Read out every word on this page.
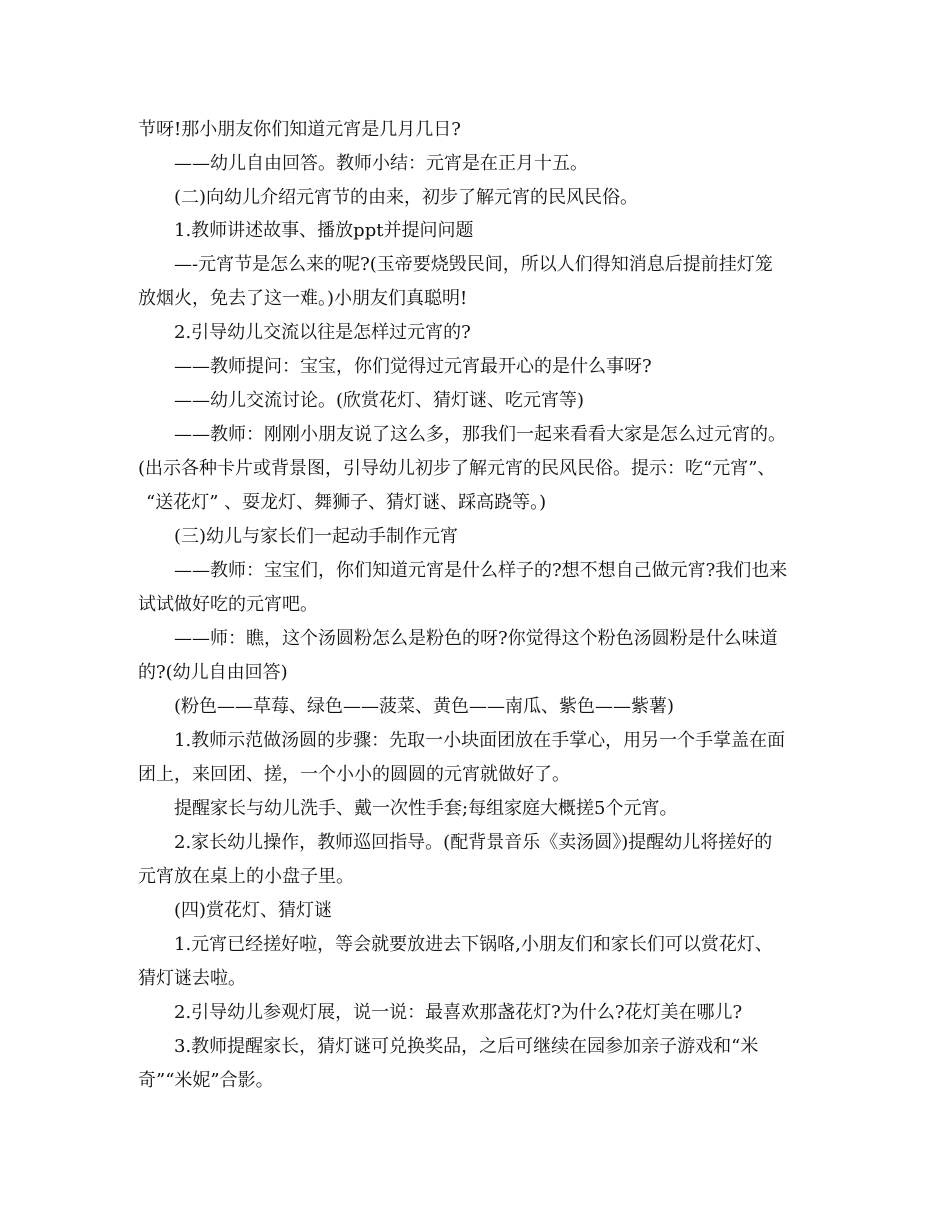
节呀!那小朋友你们知道元宵是几月几日?
——幼儿自由回答。教师小结：元宵是在正月十五。
(二)向幼儿介绍元宵节的由来，初步了解元宵的民风民俗。
1.教师讲述故事、播放ppt并提问问题
—-元宵节是怎么来的呢?(玉帝要烧毁民间，所以人们得知消息后提前挂灯笼
放烟火，免去了这一难。)小朋友们真聪明!
2.引导幼儿交流以往是怎样过元宵的?
——教师提问：宝宝，你们觉得过元宵最开心的是什么事呀?
——幼儿交流讨论。(欣赏花灯、猜灯谜、吃元宵等)
——教师：刚刚小朋友说了这么多，那我们一起来看看大家是怎么过元宵的。
(出示各种卡片或背景图，引导幼儿初步了解元宵的民风民俗。提示：吃“元宵”、
“送花灯” 、耍龙灯、舞狮子、猜灯谜、踩高跷等。)
(三)幼儿与家长们一起动手制作元宵
——教师：宝宝们，你们知道元宵是什么样子的?想不想自己做元宵?我们也来
试试做好吃的元宵吧。
——师：瞧，这个汤圆粉怎么是粉色的呀?你觉得这个粉色汤圆粉是什么味道
的?(幼儿自由回答)
(粉色——草莓、绿色——菠菜、黄色——南瓜、紫色——紫薯)
1.教师示范做汤圆的步骤：先取一小块面团放在手掌心，用另一个手掌盖在面
团上，来回团、搓，一个小小的圆圆的元宵就做好了。
提醒家长与幼儿洗手、戴一次性手套;每组家庭大概搓5个元宵。
2.家长幼儿操作，教师巡回指导。(配背景音乐《卖汤圆》)提醒幼儿将搓好的
元宵放在桌上的小盘子里。
(四)赏花灯、猜灯谜
1.元宵已经搓好啦，等会就要放进去下锅咯,小朋友们和家长们可以赏花灯、
猜灯谜去啦。
2.引导幼儿参观灯展，说一说：最喜欢那盏花灯?为什么?花灯美在哪儿?
3.教师提醒家长，猜灯谜可兑换奖品，之后可继续在园参加亲子游戏和“米
奇”“米妮”合影。
